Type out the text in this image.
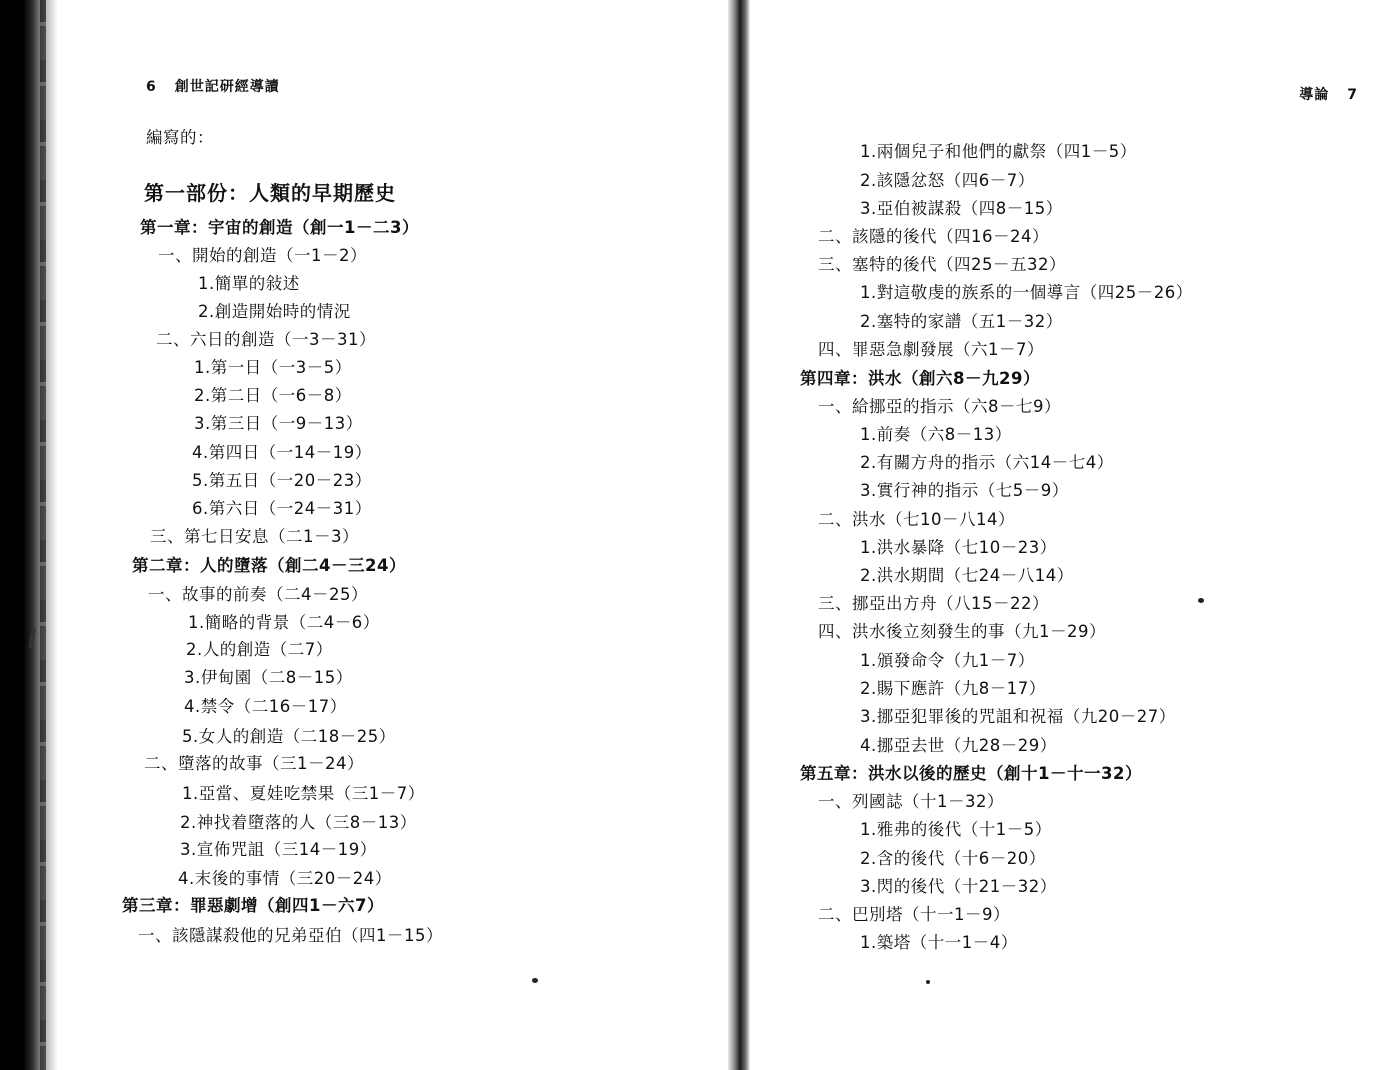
6 創世記研經導讀
編寫的：
第一部份：人類的早期歷史
第一章：宇宙的創造（創一1－二3）
一、開始的創造（一1－2）
1.簡單的敍述
2.創造開始時的情況
二、六日的創造（一3－31）
1.第一日（一3－5）
2.第二日（一6－8）
3.第三日（一9－13）
4.第四日（一14－19）
5.第五日（一20－23）
6.第六日（一24－31）
三、第七日安息（二1－3）
第二章：人的墮落（創二4－三24）
一、故事的前奏（二4－25）
1.簡略的背景（二4－6）
2.人的創造（二7）
3.伊甸園（二8－15）
4.禁令（二16－17）
5.女人的創造（二18－25）
二、墮落的故事（三1－24）
1.亞當、夏娃吃禁果（三1－7）
2.神找着墮落的人（三8－13）
3.宣佈咒詛（三14－19）
4.末後的事情（三20－24）
第三章：罪惡劇增（創四1－六7）
一、該隱謀殺他的兄弟亞伯（四1－15）
導論 7
1.兩個兒子和他們的獻祭（四1－5）
2.該隱忿怒（四6－7）
3.亞伯被謀殺（四8－15）
二、該隱的後代（四16－24）
三、塞特的後代（四25－五32）
1.對這敬虔的族系的一個導言（四25－26）
2.塞特的家譜（五1－32）
四、罪惡急劇發展（六1－7）
第四章：洪水（創六8－九29）
一、給挪亞的指示（六8－七9）
1.前奏（六8－13）
2.有關方舟的指示（六14－七4）
3.實行神的指示（七5－9）
二、洪水（七10－八14）
1.洪水暴降（七10－23）
2.洪水期間（七24－八14）
三、挪亞出方舟（八15－22）
四、洪水後立刻發生的事（九1－29）
1.頒發命令（九1－7）
2.賜下應許（九8－17）
3.挪亞犯罪後的咒詛和祝福（九20－27）
4.挪亞去世（九28－29）
第五章：洪水以後的歷史（創十1－十一32）
一、列國誌（十1－32）
1.雅弗的後代（十1－5）
2.含的後代（十6－20）
3.閃的後代（十21－32）
二、巴別塔（十一1－9）
1.築塔（十一1－4）
